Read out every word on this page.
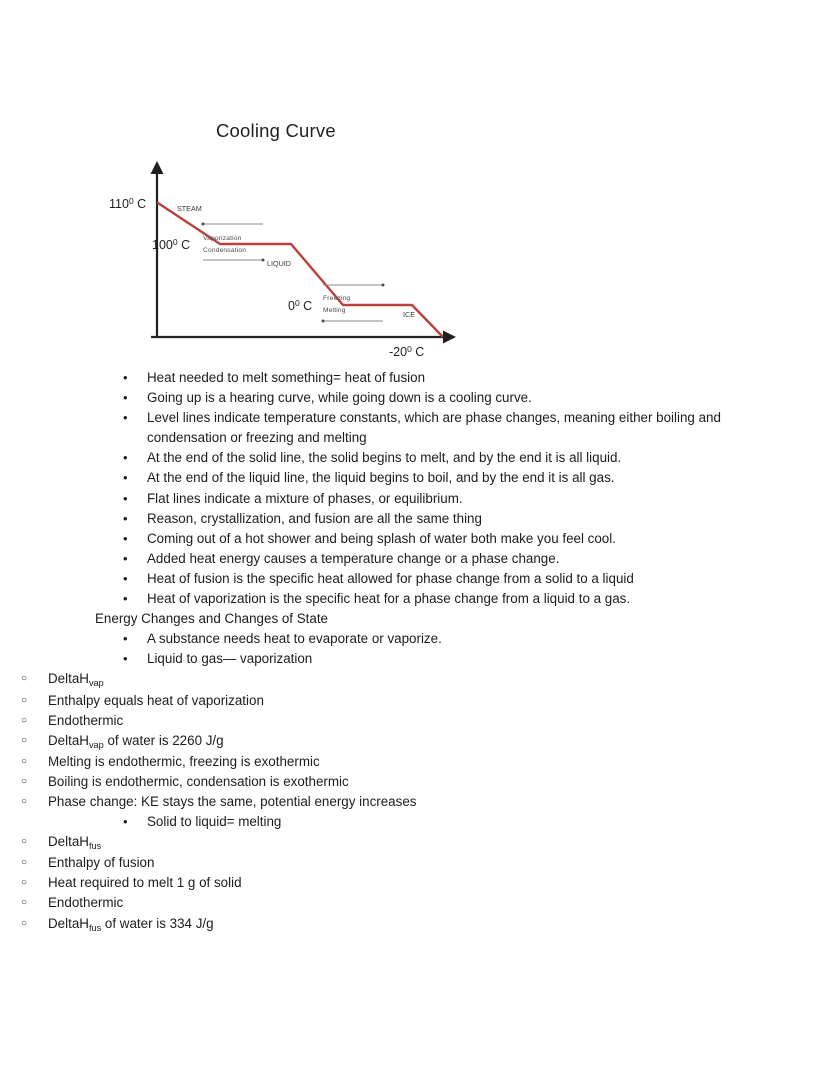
Cooling Curve
$110^0$ C
$100^0$ C
$0^0$ C
$-20^0$ C
STEAM
LIQUID
ICE
Vaporization
Condensation
Freezing
Melting
•	Heat needed to melt something= heat of fusion
•	Going up is a hearing curve, while going down is a cooling curve.
•	Level lines indicate temperature constants, which are phase changes, meaning either boiling and condensation or freezing and melting
•	At the end of the solid line, the solid begins to melt, and by the end it is all liquid.
•	At the end of the liquid line, the liquid begins to boil, and by the end it is all gas.
•	Flat lines indicate a mixture of phases, or equilibrium.
•	Reason, crystallization, and fusion are all the same thing
•	Coming out of a hot shower and being splash of water both make you feel cool.
•	Added heat energy causes a temperature change or a phase change.
•	Heat of fusion is the specific heat allowed for phase change from a solid to a liquid
•	Heat of vaporization is the specific heat for a phase change from a liquid to a gas.
Energy Changes and Changes of State
•	A substance needs heat to evaporate or vaporize.
•	Liquid to gas— vaporization
○ DeltaH$_{vap}$
○ Enthalpy equals heat of vaporization
○ Endothermic
○ DeltaH$_{vap}$ of water is 2260 J/g
○ Melting is endothermic, freezing is exothermic
○ Boiling is endothermic, condensation is exothermic
○ Phase change: KE stays the same, potential energy increases
•	Solid to liquid= melting
○ DeltaH$_{fus}$
○ Enthalpy of fusion
○ Heat required to melt 1 g of solid
○ Endothermic
○ DeltaH$_{fus}$ of water is 334 J/g
